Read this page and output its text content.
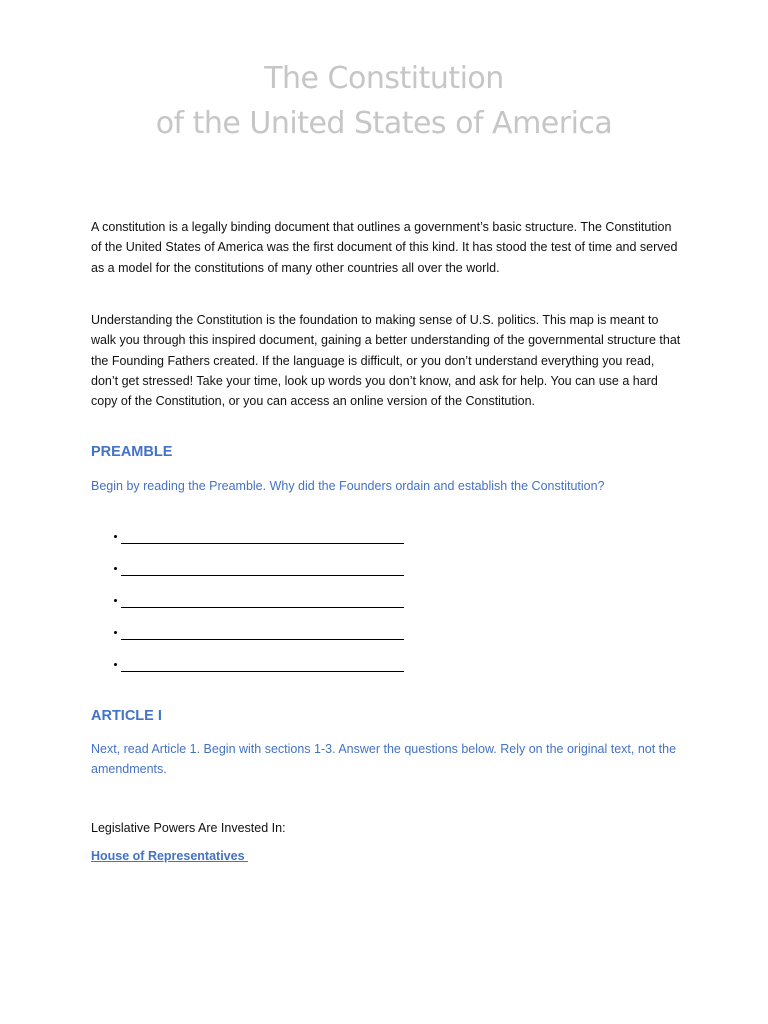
The Constitution
of the United States of America

A constitution is a legally binding document that outlines a government’s basic structure. The Constitution of the United States of America was the first document of this kind. It has stood the test of time and served as a model for the constitutions of many other countries all over the world.

Understanding the Constitution is the foundation to making sense of U.S. politics. This map is meant to walk you through this inspired document, gaining a better understanding of the governmental structure that the Founding Fathers created. If the language is difficult, or you don’t understand everything you read, don’t get stressed! Take your time, look up words you don’t know, and ask for help. You can use a hard copy of the Constitution, or you can access an online version of the Constitution.

PREAMBLE

Begin by reading the Preamble. Why did the Founders ordain and establish the Constitution?

ARTICLE I

Next, read Article 1. Begin with sections 1-3. Answer the questions below. Rely on the original text, not the amendments.

Legislative Powers Are Invested In:

House of Representatives
